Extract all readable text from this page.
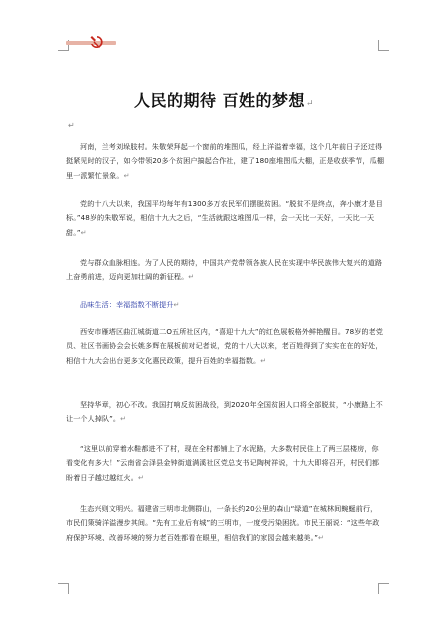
人民的期待 百姓的梦想↵
↵
河南，兰考刘垛肢村。朱敬荣拜起一个窗前的堆图瓜，经上洋溢着幸福，这个几年前日子还过得挺紧见时的汉子，如今带领20多个贫困户搞起合作社，建了180座堆图瓜大棚，正是收获季节，瓜棚里一派繁忙景象。↵
党的十八大以来，我国平均每年有1300多万农民军们摆脱贫困。“脱贫不是终点，奔小康才是目标。”48岁的朱敬军说，相信十九大之后，“生活就跟这堆图瓜一样，会一天比一天好，一天比一天甜。”↵
党与群众血脉相连。为了人民的期待，中国共产党带领各族人民在实现中华民族伟大复兴的道路上奋勇前进，迈向更加壮阔的新征程。↵
品味生活：幸福指数不断提升↵
西安市雁塔区曲江城街道二O五所社区内，“喜迎十九大”的红色展板格外鲜艳醒目。78岁的老党员、社区书画协会会长姚多辉在展板前对记者说，党的十八大以来，老百姓得到了实实在在的好处，相信十九大会出台更多文化惠民政策，提升百姓的幸福指数。↵
坚持华章，初心不改。我国打响反贫困战役，到2020年全国贫困人口将全部脱贫，“小康路上不让一个人掉队”。↵
“这里以前穿着水鞋都进不了村，现在全村都铺上了水泥路，大多数村民住上了两三层楼房，你看变化有多大！”云南省会泽县金钟街道满溪社区党总支书记陶树祥说，十九大即将召开，村民们都盼着日子越过越红火。↵
生态兴则文明兴。福建省三明市北侧群山，一条长约20公里的森山“绿道”在城林间蜿蜒前行，市民们策骑洋溢漫步其间。“先有工业后有城”的三明市，一度受污染困扰。市民王丽说：“这些年政府保护环境、改善环境的努力老百姓都看在眼里，相信我们的家园会越来越美。”↵
